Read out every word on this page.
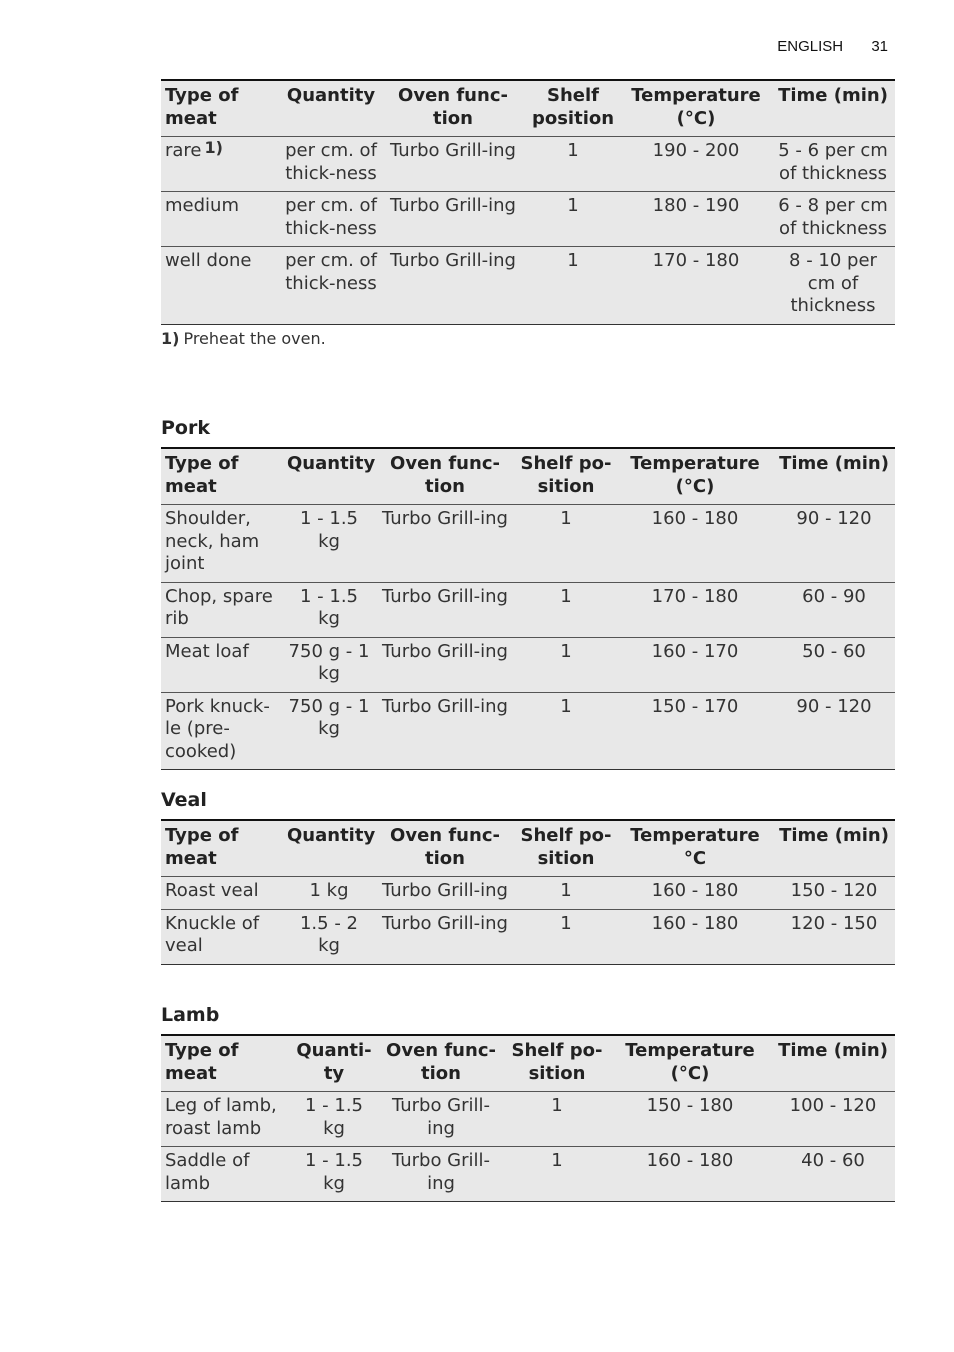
ENGLISH 31
Type of meat	Quantity	Oven func-tion	Shelf position	Temperature (°C)	Time (min)
rare 1)	per cm. of thick-ness	Turbo Grill-ing	1	190 - 200	5 - 6 per cm of thickness
medium	per cm. of thick-ness	Turbo Grill-ing	1	180 - 190	6 - 8 per cm of thickness
well done	per cm. of thick-ness	Turbo Grill-ing	1	170 - 180	8 - 10 per cm of thickness
1) Preheat the oven.
Pork
Type of meat	Quantity	Oven func-tion	Shelf po-sition	Temperature (°C)	Time (min)
Shoulder, neck, ham joint	1 - 1.5 kg	Turbo Grill-ing	1	160 - 180	90 - 120
Chop, spare rib	1 - 1.5 kg	Turbo Grill-ing	1	170 - 180	60 - 90
Meat loaf	750 g - 1 kg	Turbo Grill-ing	1	160 - 170	50 - 60
Pork knuck-le (pre-cooked)	750 g - 1 kg	Turbo Grill-ing	1	150 - 170	90 - 120
Veal
Type of meat	Quantity	Oven func-tion	Shelf po-sition	Temperature °C	Time (min)
Roast veal	1 kg	Turbo Grill-ing	1	160 - 180	150 - 120
Knuckle of veal	1.5 - 2 kg	Turbo Grill-ing	1	160 - 180	120 - 150
Lamb
Type of meat	Quanti-ty	Oven func-tion	Shelf po-sition	Temperature (°C)	Time (min)
Leg of lamb, roast lamb	1 - 1.5 kg	Turbo Grill-ing	1	150 - 180	100 - 120
Saddle of lamb	1 - 1.5 kg	Turbo Grill-ing	1	160 - 180	40 - 60
